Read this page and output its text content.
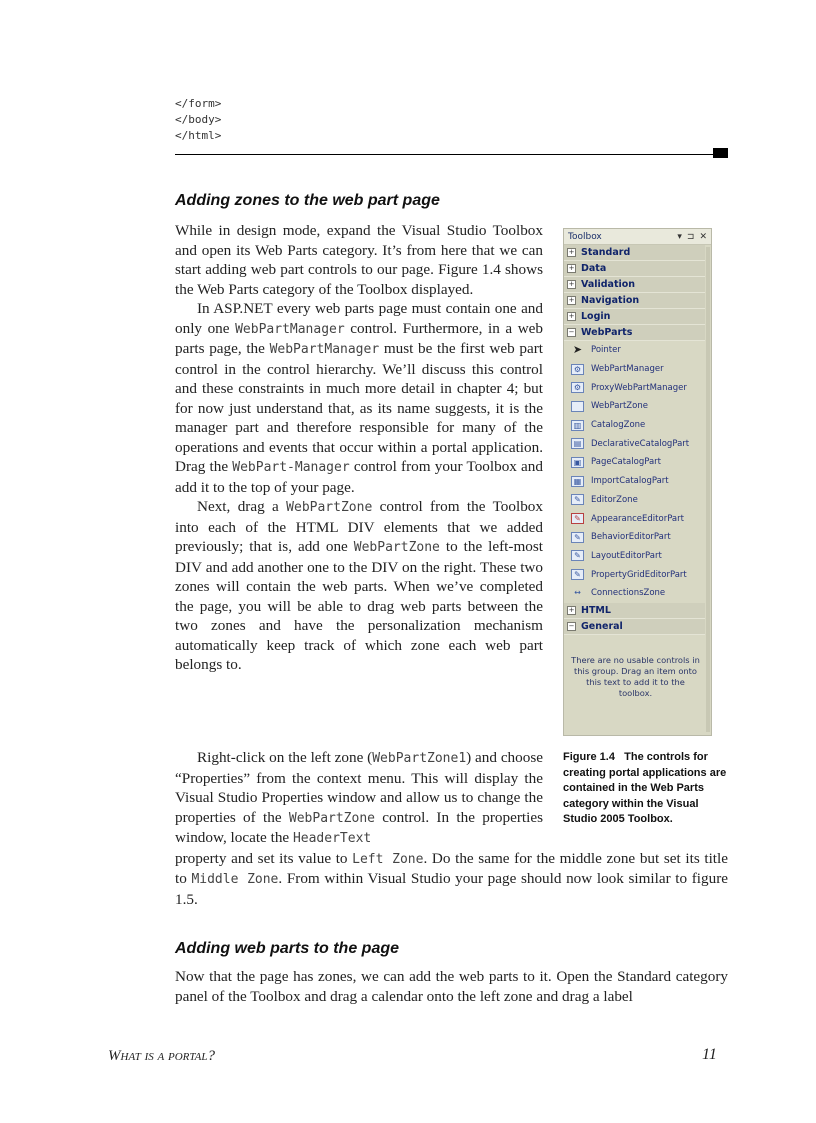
</form>
</body>
</html>
Adding zones to the web part page

While in design mode, expand the Visual Studio Toolbox and open its Web Parts category. It’s from here that we can start adding web part controls to our page. Figure 1.4 shows the Web Parts category of the Toolbox displayed.

In ASP.NET every web parts page must contain one and only one WebPartManager control. Furthermore, in a web parts page, the WebPartManager must be the first web part control in the control hierarchy. We’ll discuss this control and these constraints in much more detail in chapter 4; but for now just understand that, as its name suggests, it is the manager part and therefore responsible for many of the operations and events that occur within a portal application. Drag the WebPart-Manager control from your Toolbox and add it to the top of your page.

Next, drag a WebPartZone control from the Toolbox into each of the HTML DIV elements that we added previously; that is, add one WebPartZone to the left-most DIV and add another one to the DIV on the right. These two zones will contain the web parts. When we’ve completed the page, you will be able to drag web parts between the two zones and have the personalization mechanism automatically keep track of which zone each web part belongs to.

Right-click on the left zone (WebPartZone1) and choose “Properties” from the context menu. This will display the Visual Studio Properties window and allow us to change the properties of the WebPartZone control. In the properties window, locate the HeaderText

property and set its value to Left Zone. Do the same for the middle zone but set its title to Middle Zone. From within Visual Studio your page should now look similar to figure 1.5.

Adding web parts to the page

Now that the page has zones, we can add the web parts to it. Open the Standard category panel of the Toolbox and drag a calendar onto the left zone and drag a label

Toolbox	▾ ⊐ ✕
+ Standard
+ Data
+ Validation
+ Navigation
+ Login
− WebParts
➤ Pointer
⚙	WebPartManager
⚙	ProxyWebPartManager
WebPartZone
▥	CatalogZone
▤	DeclarativeCatalogPart
▣	PageCatalogPart
▦	ImportCatalogPart
✎	EditorZone
✎	AppearanceEditorPart
✎	BehaviorEditorPart
✎	LayoutEditorPart
✎	PropertyGridEditorPart
↔	ConnectionsZone
+ HTML
− General
There are no usable controls in this group. Drag an item onto this text to add it to the toolbox.
Figure 1.4 The controls for creating portal applications are contained in the Web Parts category within the Visual Studio 2005 Toolbox.
What is a portal?	11
